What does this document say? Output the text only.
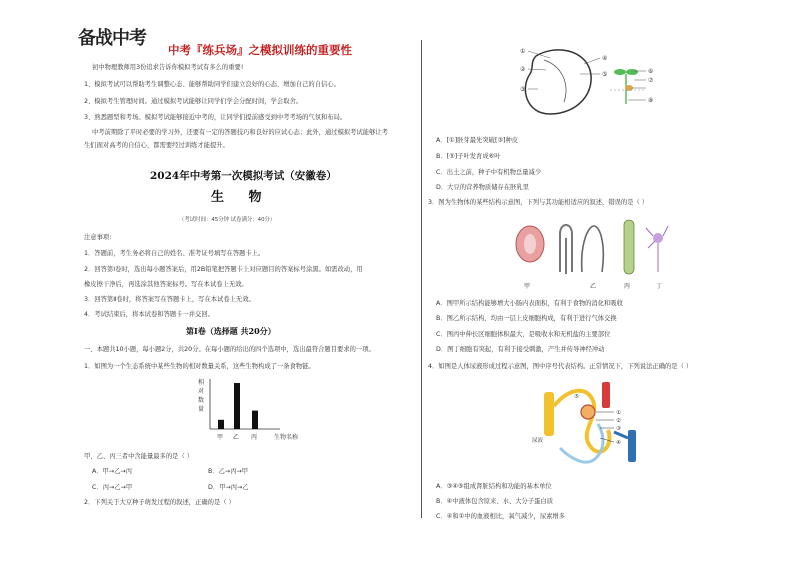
备战中考
中考『练兵场』之模拟训练的重要性
初中物理教师用3份追求告诉你模拟考试有多么的重要!
1、模拟考试可以帮助考生调整心态、能够帮助同学们建立良好的心态、增加自己的自信心。
2、模拟考生管理时间。通过模拟考试能够让同学们学会分配时间，学会取舍。
3、熟悉题型和考场。模拟考试能够接近中考的，让同学们提前感受到中考考场的气氛和布局。
中考前期除了平时必要的学习外，还要有一定的答题技巧和良好的应试心态；此外，通过模拟考试能够让考
生们面对高考的自信心，都需要经过训练才能提升。
2024年中考第一次模拟考试（安徽卷）
生 物
（考试时间：45分钟 试卷满分：40分）
注意事项:
1．答题前，考生务必将自己的姓名、准考证号填写在答题卡上。
2．回答第Ⅰ卷时，选出每小题答案后，用2B铅笔把答题卡上对应题目的答案标号涂黑。如需改动，用
橡皮擦干净后，再选涂其他答案标号。写在本试卷上无效。
3．回答第Ⅱ卷时，将答案写在答题卡上，写在本试卷上无效。
4．考试结束后，将本试卷和答题卡一并交回。
第Ⅰ卷（选择题 共20分）
一、本题共10小题，每小题2分，共20分。在每小题的给出的四个选项中，选出最符合题目要求的一项。
1．如图为一个生态系统中某些生物的相对数量关系，这些生物构成了一条食物链。
相
对
数
量
甲 乙 丙	生物名称
甲、乙、丙三者中含能量最多的是（ ）
A．甲→乙→丙	B．乙→丙→甲
C．丙→乙→甲	D．甲→丙→乙
2．下列关于大豆种子萌发过程的叙述，正确的是（ ）
①
②
③
④
⑤	⑥
⑦
⑧
A．[①]胚芽最先突破[③]种皮
B．[⑤]子叶发育成⑥叶
C．出土之前，种子中有机物总量减少
D．大豆的营养物质储存在胚乳里
3．图为生物体的某些结构示意图，下列与其功能相适应的叙述，错误的是（ ）
甲	乙	丙	丁
A．图甲所示结构能够增大小肠内表面积，有利于食物的消化和吸收
B．图乙所示结构，均由一层上皮细胞构成，有利于进行气体交换
C．图丙中伸长区细胞体积最大，是吸收水和无机盐的主要部位
D．图丁细胞有突起，有利于接受刺激，产生并传导神经冲动
4．如图是人体尿液形成过程示意图，图中序号代表结构。正常情况下，下列说法正确的是（ ）
①
②
③
④
⑤
尿液
A．③④⑤组成肾脏结构和功能的基本单位
B．④中液体包含原来、水、大分子蛋白质
C．④和①中的血液相比，氧气减少，尿素增多
